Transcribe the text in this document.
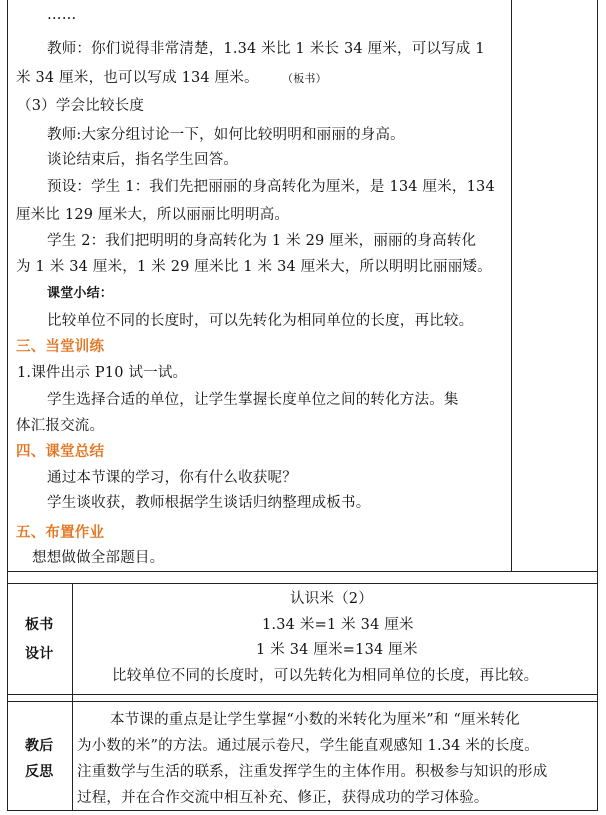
……
教师：你们说得非常清楚，1.34 米比 1 米长 34 厘米，可以写成 1
米 34 厘米，也可以写成 134 厘米。 （板书）
（3）学会比较长度
教师:大家分组讨论一下，如何比较明明和丽丽的身高。
谈论结束后，指名学生回答。
预设：学生 1：我们先把丽丽的身高转化为厘米，是 134 厘米，134
厘米比 129 厘米大，所以丽丽比明明高。
学生 2：我们把明明的身高转化为 1 米 29 厘米，丽丽的身高转化
为 1 米 34 厘米，1 米 29 厘米比 1 米 34 厘米大，所以明明比丽丽矮。
课堂小结：
比较单位不同的长度时，可以先转化为相同单位的长度，再比较。
三、当堂训练
1.课件出示 P10 试一试。
学生选择合适的单位，让学生掌握长度单位之间的转化方法。集
体汇报交流。
四、课堂总结
通过本节课的学习，你有什么收获呢？
学生谈收获，教师根据学生谈话归纳整理成板书。
五、布置作业
想想做做全部题目。
板书
设计
认识米（2）
1.34 米=1 米 34 厘米
1 米 34 厘米=134 厘米
比较单位不同的长度时，可以先转化为相同单位的长度，再比较。
教后
反思
本节课的重点是让学生掌握“小数的米转化为厘米”和 “厘米转化
为小数的米”的方法。通过展示卷尺，学生能直观感知 1.34 米的长度。
注重数学与生活的联系，注重发挥学生的主体作用。积极参与知识的形成
过程，并在合作交流中相互补充、修正，获得成功的学习体验。
